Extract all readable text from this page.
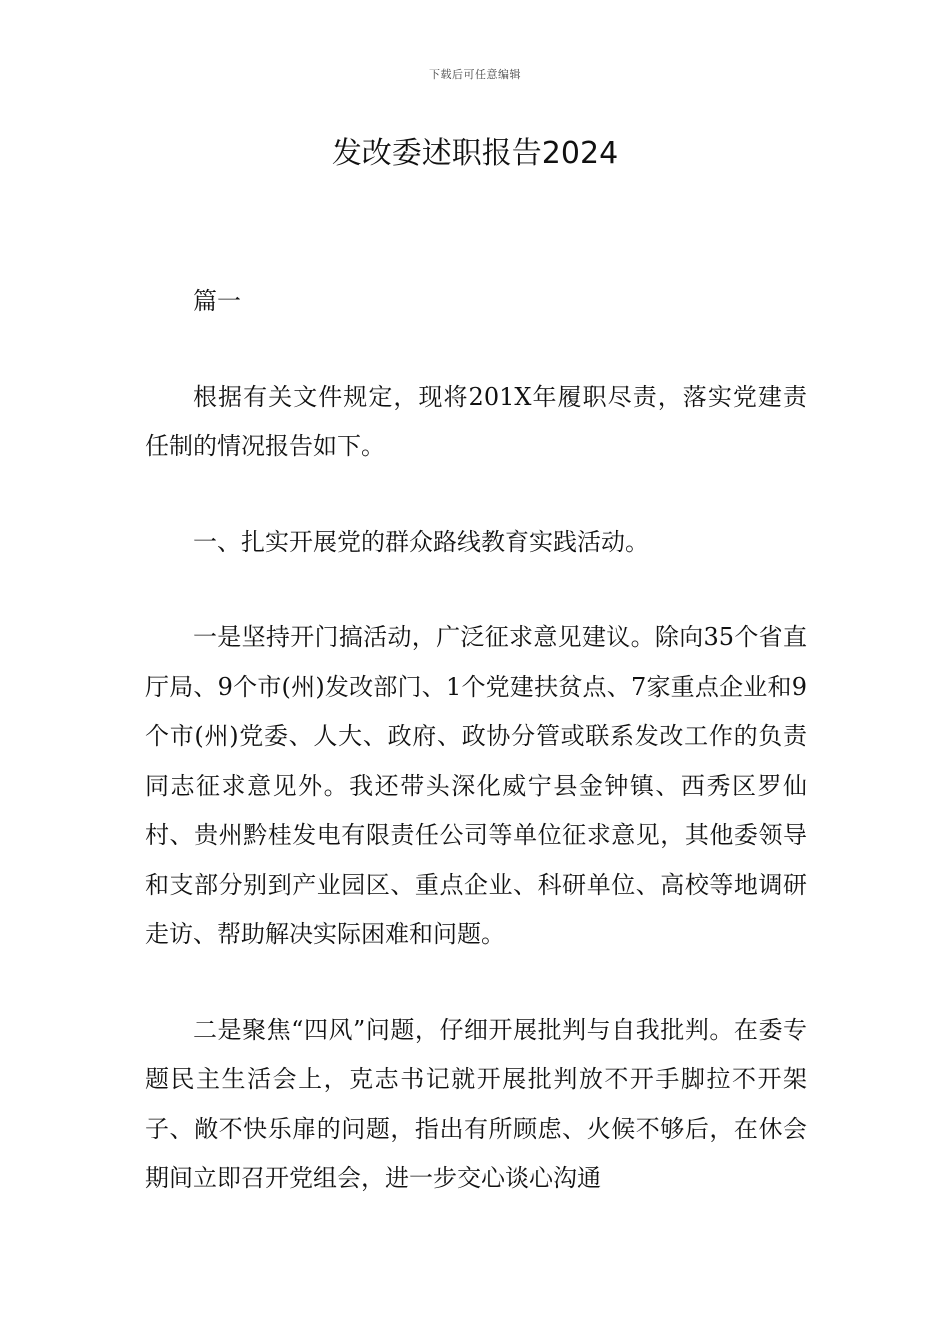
下载后可任意编辑
发改委述职报告2024

篇一

根据有关文件规定，现将201X年履职尽责，落实党建责任制的情况报告如下。

一、扎实开展党的群众路线教育实践活动。

一是坚持开门搞活动，广泛征求意见建议。除向35个省直厅局、9个市(州)发改部门、1个党建扶贫点、7家重点企业和9个市(州)党委、人大、政府、政协分管或联系发改工作的负责同志征求意见外。我还带头深化威宁县金钟镇、西秀区罗仙村、贵州黔桂发电有限责任公司等单位征求意见，其他委领导和支部分别到产业园区、重点企业、科研单位、高校等地调研走访、帮助解决实际困难和问题。

二是聚焦“四风”问题，仔细开展批判与自我批判。在委专题民主生活会上，克志书记就开展批判放不开手脚拉不开架子、敞不快乐扉的问题，指出有所顾虑、火候不够后，在休会期间立即召开党组会，进一步交心谈心沟通
